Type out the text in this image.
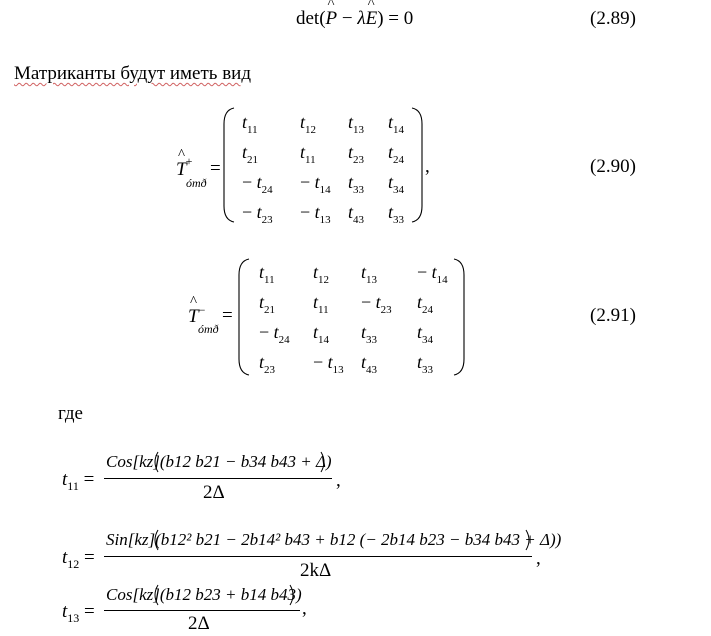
det(^ P − λ^ E) = 0	(2.89)
Матриканты будут иметь вид
^ T+
ómð
=
$t_{11}$ $t_{12}$ $t_{13}$ $t_{14}$
$t_{21}$ $t_{11}$ $t_{23}$ $t_{24}$
− $t_{24} - t_{14}$ $t_{33}$ $t_{34}$
− $t_{23} - t_{13}$ $t_{43}$ $t_{33}$
,	(2.90)
^ T−
ómð
=
$t_{11}$ $t_{12}$ $t_{13} - t_{14}$
$t_{21}$ $t_{11} - t_{23}$ $t_{24}$
− $t_{24}$ $t_{14}$ $t_{33}$ $t_{34}$
$t_{23} - t_{13}$ $t_{43}$ $t_{33}$
(2.91)
где
$t_{11}$ =
Cos[kz](b12 b21 − b34 b43 + Δ)
2Δ
,
$t_{12}$ =
Sin[kz](b12² b21 − 2b14² b43 + b12 (− 2b14 b23 − b34 b43 + Δ))
2kΔ
,
$t_{13}$ =
Cos[kz](b12 b23 + b14 b43)
2Δ
,
